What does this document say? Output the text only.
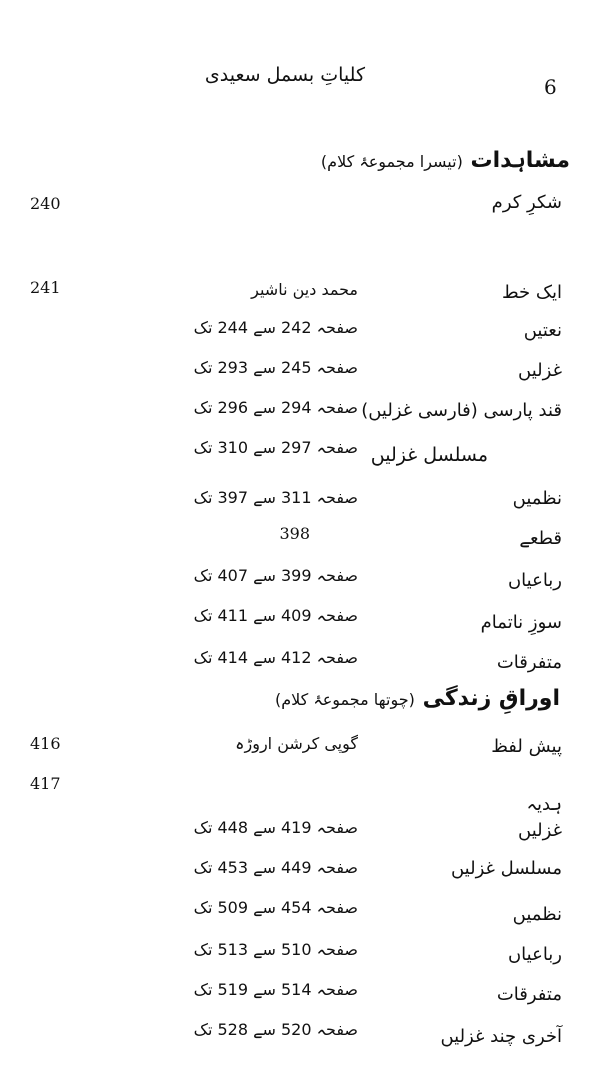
کلیاتِ بسمل سعیدی	6
مشاہدات (تیسرا مجموعۂ کلام)
شکرِ کرم
240
ایک خط
محمد دین ناشیر
241
نعتیں
صفحہ 242 سے 244 تک
غزلیں
صفحہ 245 سے 293 تک
قند پارسی (فارسی غزلیں)
صفحہ 294 سے 296 تک
مسلسل غزلیں
صفحہ 297 سے 310 تک
نظمیں
صفحہ 311 سے 397 تک
قطعے
398
رباعیاں
صفحہ 399 سے 407 تک
سوزِ ناتمام
صفحہ 409 سے 411 تک
متفرقات
صفحہ 412 سے 414 تک
اوراقِ زندگی (چوتھا مجموعۂ کلام)
پیش لفظ
گوپی کرشن اروڑہ
416
ہدیہ
417
غزلیں
صفحہ 419 سے 448 تک
مسلسل غزلیں
صفحہ 449 سے 453 تک
نظمیں
صفحہ 454 سے 509 تک
رباعیاں
صفحہ 510 سے 513 تک
متفرقات
صفحہ 514 سے 519 تک
آخری چند غزلیں
صفحہ 520 سے 528 تک
